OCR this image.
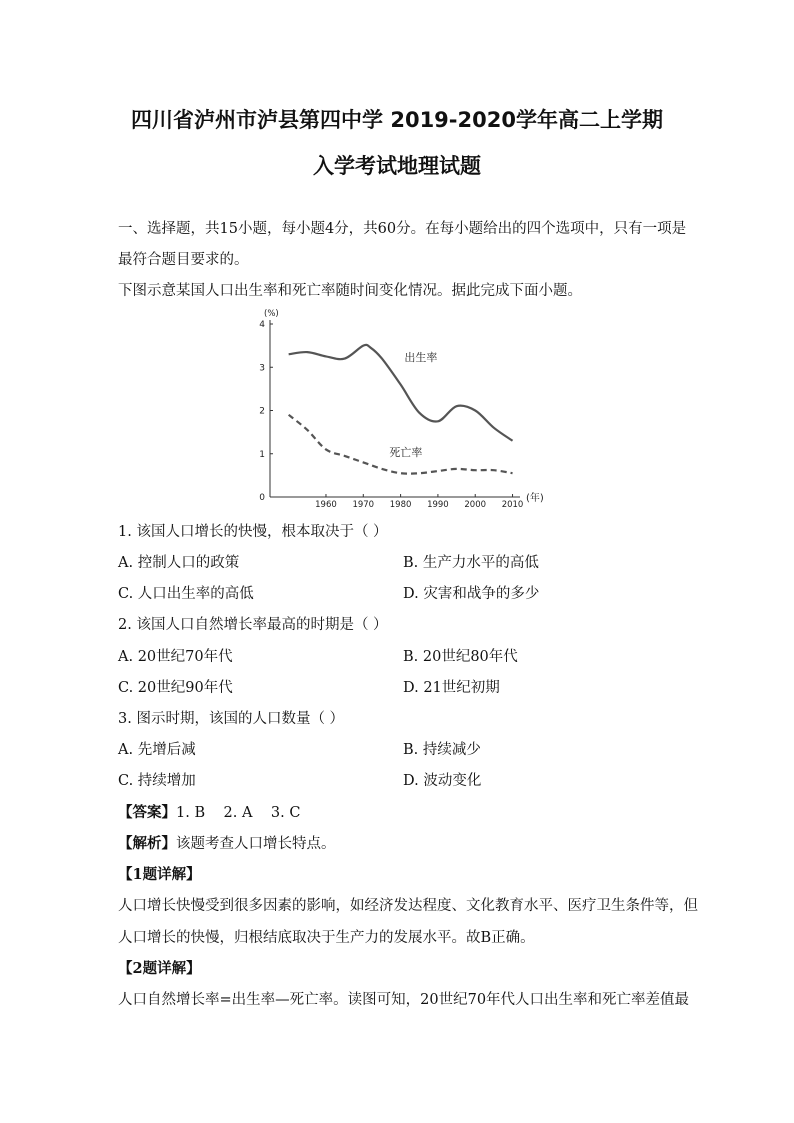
四川省泸州市泸县第四中学 2019-2020学年高二上学期
入学考试地理试题
一、选择题，共15小题，每小题4分，共60分。在每小题给出的四个选项中，只有一项是
最符合题目要求的。
下图示意某国人口出生率和死亡率随时间变化情况。据此完成下面小题。
0
1
2
3
4
1960 1970 1980 1990 2000 2010
(%)
(年)
出生率
死亡率
1. 该国人口增长的快慢，根本取决于（ ）
A. 控制人口的政策	B. 生产力水平的高低
C. 人口出生率的高低	D. 灾害和战争的多少
2. 该国人口自然增长率最高的时期是（ ）
A. 20世纪70年代	B. 20世纪80年代
C. 20世纪90年代	D. 21世纪初期
3. 图示时期，该国的人口数量（ ）
A. 先增后减	B. 持续减少
C. 持续增加	D. 波动变化
【答案】1. B    2. A    3. C
【解析】该题考查人口增长特点。
【1题详解】
人口增长快慢受到很多因素的影响，如经济发达程度、文化教育水平、医疗卫生条件等，但
人口增长的快慢，归根结底取决于生产力的发展水平。故B正确。
【2题详解】
人口自然增长率=出生率—死亡率。读图可知，20世纪70年代人口出生率和死亡率差值最
